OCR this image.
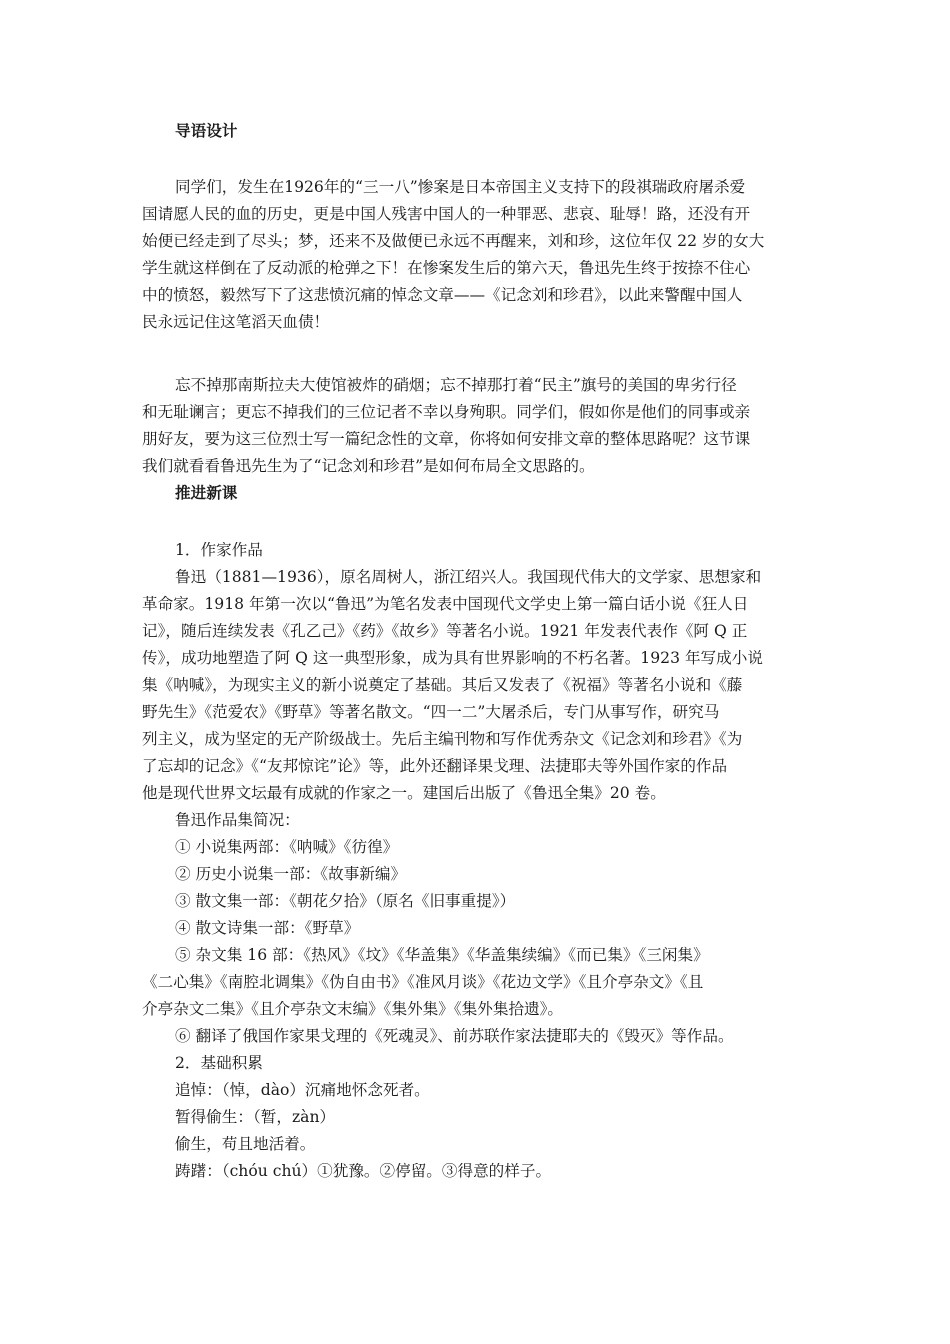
导语设计

同学们，发生在1926年的“三一八”惨案是日本帝国主义支持下的段祺瑞政府屠杀爱

国请愿人民的血的历史，更是中国人残害中国人的一种罪恶、悲哀、耻辱！路，还没有开

始便已经走到了尽头；梦，还来不及做便已永远不再醒来，刘和珍，这位年仅 22 岁的女大

学生就这样倒在了反动派的枪弹之下！在惨案发生后的第六天，鲁迅先生终于按捺不住心

中的愤怒，毅然写下了这悲愤沉痛的悼念文章——《记念刘和珍君》，以此来警醒中国人

民永远记住这笔滔天血债！

忘不掉那南斯拉夫大使馆被炸的硝烟；忘不掉那打着“民主”旗号的美国的卑劣行径

和无耻谰言；更忘不掉我们的三位记者不幸以身殉职。同学们，假如你是他们的同事或亲

朋好友，要为这三位烈士写一篇纪念性的文章，你将如何安排文章的整体思路呢？这节课

我们就看看鲁迅先生为了“记念刘和珍君”是如何布局全文思路的。

推进新课

1．作家作品

鲁迅（1881—1936），原名周树人，浙江绍兴人。我国现代伟大的文学家、思想家和

革命家。1918 年第一次以“鲁迅”为笔名发表中国现代文学史上第一篇白话小说《狂人日

记》，随后连续发表《孔乙己》《药》《故乡》等著名小说。1921 年发表代表作《阿 Q 正

传》，成功地塑造了阿 Q 这一典型形象，成为具有世界影响的不朽名著。1923 年写成小说

集《呐喊》，为现实主义的新小说奠定了基础。其后又发表了《祝福》等著名小说和《藤

野先生》《范爱农》《野草》等著名散文。“四一二”大屠杀后，专门从事写作，研究马

列主义，成为坚定的无产阶级战士。先后主编刊物和写作优秀杂文《记念刘和珍君》《为

了忘却的记念》《“友邦惊诧”论》等，此外还翻译果戈理、法捷耶夫等外国作家的作品

他是现代世界文坛最有成就的作家之一。建国后出版了《鲁迅全集》20 卷。

鲁迅作品集简况：

① 小说集两部：《呐喊》《彷徨》

② 历史小说集一部：《故事新编》

③ 散文集一部：《朝花夕拾》（原名《旧事重提》）

④ 散文诗集一部：《野草》

⑤ 杂文集 16 部：《热风》《坟》《华盖集》《华盖集续编》《而已集》《三闲集》

《二心集》《南腔北调集》《伪自由书》《准风月谈》《花边文学》《且介亭杂文》《且

介亭杂文二集》《且介亭杂文末编》《集外集》《集外集拾遗》。

⑥ 翻译了俄国作家果戈理的《死魂灵》、前苏联作家法捷耶夫的《毁灭》等作品。

2．基础积累

追悼：（悼，dào）沉痛地怀念死者。

暂得偷生：（暂，zàn）

偷生，苟且地活着。

踌躇：（chóu chú）①犹豫。②停留。③得意的样子。
